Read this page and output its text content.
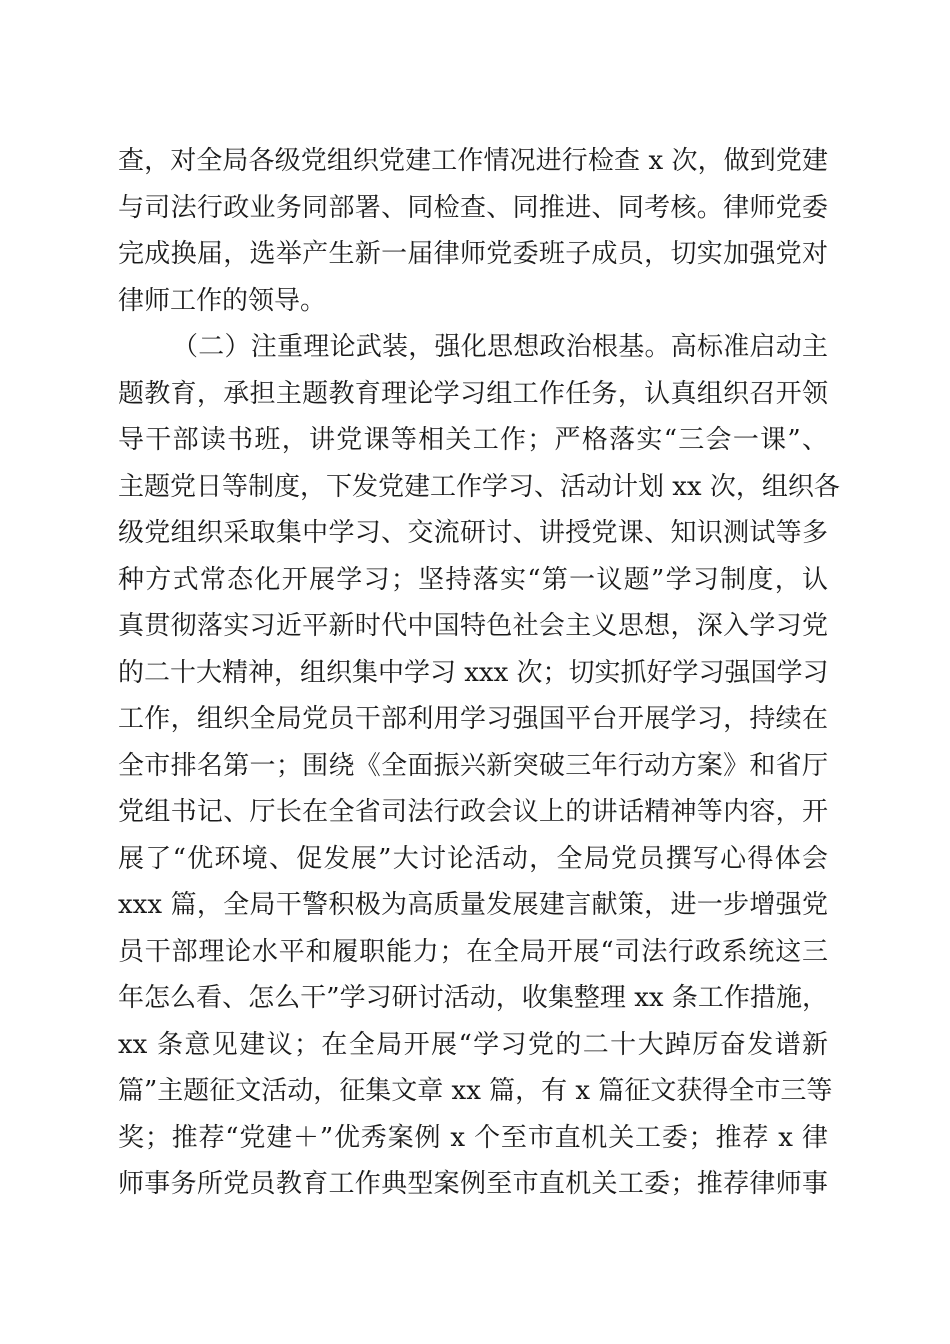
查，对全局各级党组织党建工作情况进行检查 x 次，做到党建
与司法行政业务同部署、同检查、同推进、同考核。律师党委
完成换届，选举产生新一届律师党委班子成员，切实加强党对
律师工作的领导。
（二）注重理论武装，强化思想政治根基。高标准启动主
题教育，承担主题教育理论学习组工作任务，认真组织召开领
导干部读书班，讲党课等相关工作；严格落实“三会一课”、
主题党日等制度，下发党建工作学习、活动计划 xx 次，组织各
级党组织采取集中学习、交流研讨、讲授党课、知识测试等多
种方式常态化开展学习；坚持落实“第一议题”学习制度，认
真贯彻落实习近平新时代中国特色社会主义思想，深入学习党
的二十大精神，组织集中学习 xxx 次；切实抓好学习强国学习
工作，组织全局党员干部利用学习强国平台开展学习，持续在
全市排名第一；围绕《全面振兴新突破三年行动方案》和省厅
党组书记、厅长在全省司法行政会议上的讲话精神等内容，开
展了“优环境、促发展”大讨论活动，全局党员撰写心得体会
xxx 篇，全局干警积极为高质量发展建言献策，进一步增强党
员干部理论水平和履职能力；在全局开展“司法行政系统这三
年怎么看、怎么干”学习研讨活动，收集整理 xx 条工作措施，
xx 条意见建议；在全局开展“学习党的二十大踔厉奋发谱新
篇”主题征文活动，征集文章 xx 篇，有 x 篇征文获得全市三等
奖；推荐“党建＋”优秀案例 x 个至市直机关工委；推荐 x 律
师事务所党员教育工作典型案例至市直机关工委；推荐律师事
